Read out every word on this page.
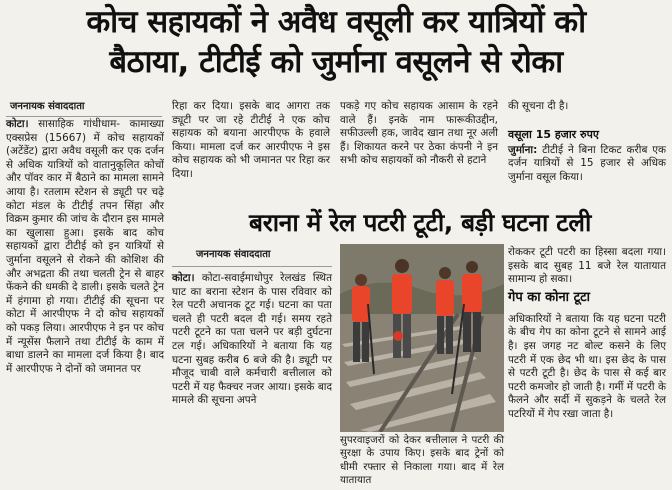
कोच सहायकों ने अवैध वसूली कर यात्रियों को
बैठाया, टीटीई को जुर्माना वसूलने से रोका
जननायक संवाददाता
कोटा। सासाहिक गांधीधाम- कामाख्या एक्सप्रेस (15667) में कोच सहायकों (अटेंडेंट) द्वारा अवैध वसूली कर एक दर्जन से अधिक यात्रियों को वातानुकूलित कोचों और पॉवर कार में बैठाने का मामला सामने आया है। रतलाम स्टेशन से ड्यूटी पर चढ़े कोटा मंडल के टीटीई तपन सिंहा और विक्रम कुमार की जांच के दौरान इस मामले का खुलासा हुआ। इसके बाद कोच सहायकों द्वारा टीटीई को इन यात्रियों से जुर्माना वसूलने से रोकने की कोशिश की और अभद्रता की तथा चलती ट्रेन से बाहर फेंकने की धमकी दे डाली। इसके चलते ट्रेन में हंगामा हो गया। टीटीई की सूचना पर कोटा में आरपीएफ ने दो कोच सहायकों को पकड़ लिया। आरपीएफ ने इन पर कोच में न्यूसेंस फैलाने तथा टीटीई के काम में बाधा डालने का मामला दर्ज किया है। बाद में आरपीएफ ने दोनों को जमानत पर
रिहा कर दिया। इसके बाद आगरा तक ड्यूटी पर जा रहे टीटीई ने एक कोच सहायक को बयाना आरपीएफ के हवाले किया। मामला दर्ज कर आरपीएफ ने इस कोच सहायक को भी जमानत पर रिहा कर दिया।
पकड़े गए कोच सहायक आसाम के रहने वाले हैं। इनके नाम फारूकीउद्दीन, सफीउल्ली हक, जावेद खान तथा नूर अली हैं। शिकायत करने पर ठेका कंपनी ने इन सभी कोच सहायकों को नौकरी से हटाने
की सूचना दी है।
वसूला 15 हजार रुपए
जुर्माना: टीटीई ने बिना टिकट करीब एक दर्जन यात्रियों से 15 हजार से अधिक जुर्माना वसूल किया।
बराना में रेल पटरी टूटी, बड़ी घटना टली
जननायक संवाददाता
कोटा। कोटा-सवाईमाधोपुर रेलखंड स्थित घाट का बराना स्टेशन के पास रविवार को रेल पटरी अचानक टूट गई। घटना का पता चलते ही पटरी बदल दी गई। समय रहते पटरी टूटने का पता चलने पर बड़ी दुर्घटना टल गई। अधिकारियों ने बताया कि यह घटना सुबह करीब 6 बजे की है। ड्यूटी पर मौजूद चाबी वाले कर्मचारी बत्तीलाल को पटरी में यह फैक्चर नजर आया। इसके बाद मामले की सूचना अपने
सुपरवाइजरों को देकर बत्तीलाल ने पटरी की सुरक्षा के उपाय किए। इसके बाद ट्रेनों को धीमी रफ्तार से निकाला गया। बाद में रेल यातायात
रोककर टूटी पटरी का हिस्सा बदला गया। इसके बाद सुबह 11 बजे रेल यातायात सामान्य हो सका।
गेप का कोना टूटा
अधिकारियों ने बताया कि यह घटना पटरी के बीच गेप का कोना टूटने से सामने आई है। इस जगह नट बोल्ट कसने के लिए पटरी में एक छेद भी था। इस छेद के पास से पटरी टूटी है। छेद के पास से कई बार पटरी कमजोर हो जाती है। गर्मी में पटरी के फैलने और सर्दी में सुकड़ने के चलते रेल पटरियों में गेप रखा जाता है।
